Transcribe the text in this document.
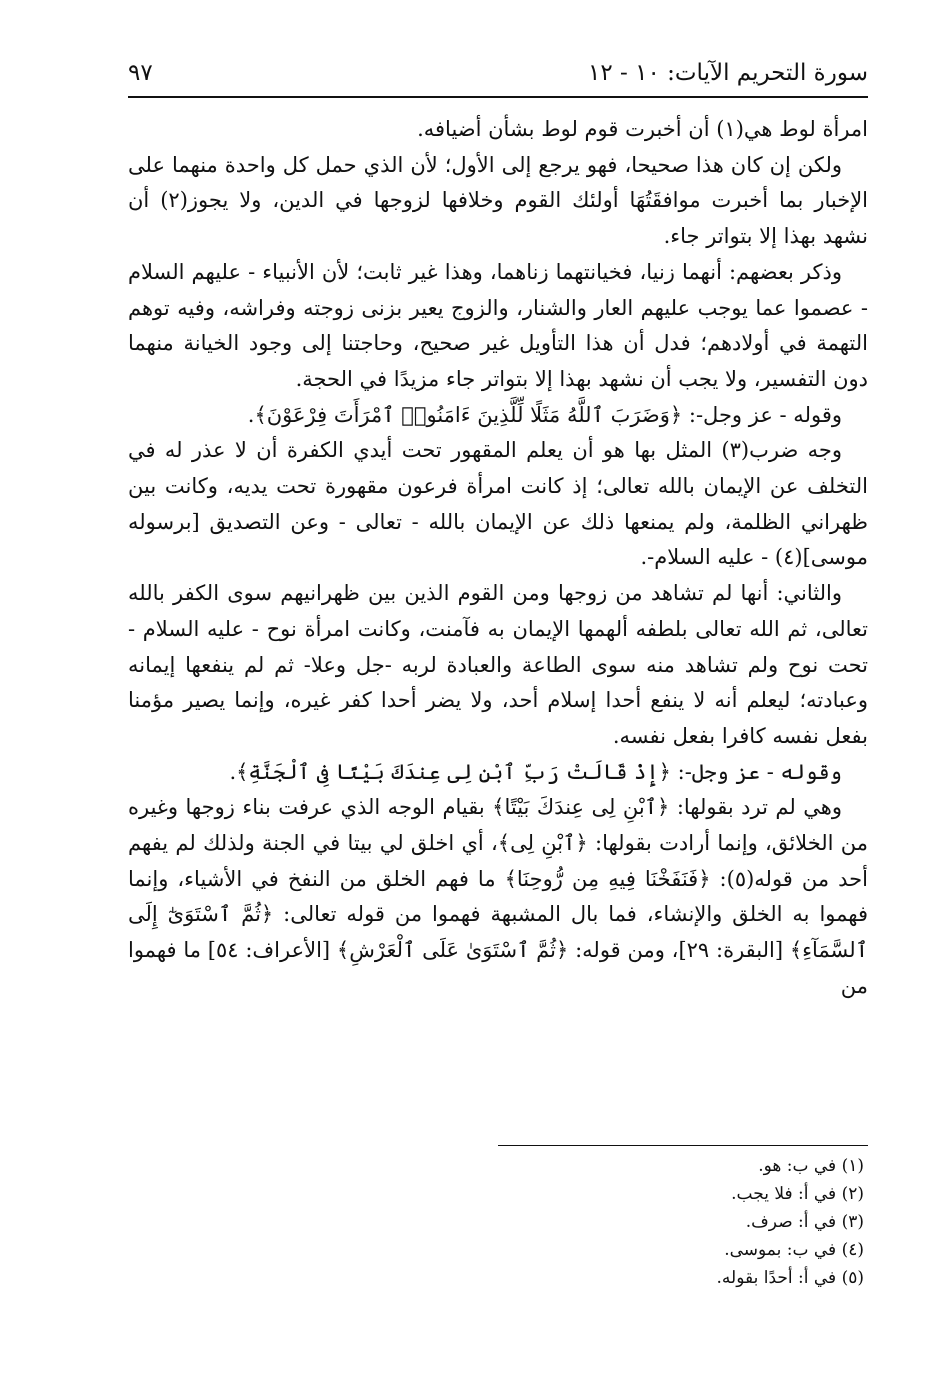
سورة التحريم الآيات: ١٠ - ١٢
٩٧

امرأة لوط هي(١) أن أخبرت قوم لوط بشأن أضيافه.

ولكن إن كان هذا صحيحا، فهو يرجع إلى الأول؛ لأن الذي حمل كل واحدة منهما على الإخبار بما أخبرت موافقَتُهَا أولئك القوم وخلافها لزوجها في الدين، ولا يجوز(٢) أن نشهد بهذا إلا بتواتر جاء.

وذكر بعضهم: أنهما زنيا، فخيانتهما زناهما، وهذا غير ثابت؛ لأن الأنبياء - عليهم السلام - عصموا عما يوجب عليهم العار والشنار، والزوج يعير بزنى زوجته وفراشه، وفيه توهم التهمة في أولادهم؛ فدل أن هذا التأويل غير صحيح، وحاجتنا إلى وجود الخيانة منهما دون التفسير، ولا يجب أن نشهد بهذا إلا بتواتر جاء مزيدًا في الحجة.

وقوله - عز وجل-: ﴿وَضَرَبَ ٱللَّهُ مَثَلًا لِّلَّذِينَ ءَامَنُوا۟ ٱمْرَأَتَ فِرْعَوْنَ﴾.

وجه ضرب(٣) المثل بها هو أن يعلم المقهور تحت أيدي الكفرة أن لا عذر له في التخلف عن الإيمان بالله تعالى؛ إذ كانت امرأة فرعون مقهورة تحت يديه، وكانت بين ظهراني الظلمة، ولم يمنعها ذلك عن الإيمان بالله - تعالى - وعن التصديق [برسوله موسى](٤) - عليه السلام-.

والثاني: أنها لم تشاهد من زوجها ومن القوم الذين بين ظهرانيهم سوى الكفر بالله تعالى، ثم الله تعالى بلطفه ألهمها الإيمان به فآمنت، وكانت امرأة نوح - عليه السلام - تحت نوح ولم تشاهد منه سوى الطاعة والعبادة لربه -جل وعلا- ثم لم ينفعها إيمانه وعبادته؛ ليعلم أنه لا ينفع أحدا إسلام أحد، ولا يضر أحدا كفر غيره، وإنما يصير مؤمنا بفعل نفسه كافرا بفعل نفسه.

وقوله - عز وجل-: ﴿إِذْ قَالَتْ رَبِّ ٱبْنِ لِى عِندَكَ بَيْتًا فِى ٱلْجَنَّةِ﴾.

وهي لم ترد بقولها: ﴿ٱبْنِ لِى عِندَكَ بَيْتًا﴾ بقيام الوجه الذي عرفت بناء زوجها وغيره من الخلائق، وإنما أرادت بقولها: ﴿ٱبْنِ لِى﴾، أي اخلق لي بيتا في الجنة ولذلك لم يفهم أحد من قوله(٥): ﴿فَنَفَخْنَا فِيهِ مِن رُّوحِنَا﴾ ما فهم الخلق من النفخ في الأشياء، وإنما فهموا به الخلق والإنشاء، فما بال المشبهة فهموا من قوله تعالى: ﴿ثُمَّ ٱسْتَوَىٰٓ إِلَى ٱلسَّمَآءِ﴾ [البقرة: ٢٩]، ومن قوله: ﴿ثُمَّ ٱسْتَوَىٰ عَلَى ٱلْعَرْشِ﴾ [الأعراف: ٥٤] ما فهموا من

(١) في ب: هو.
(٢) في أ: فلا يجب.
(٣) في أ: صرف.
(٤) في ب: بموسى.
(٥) في أ: أحدًا بقوله.
